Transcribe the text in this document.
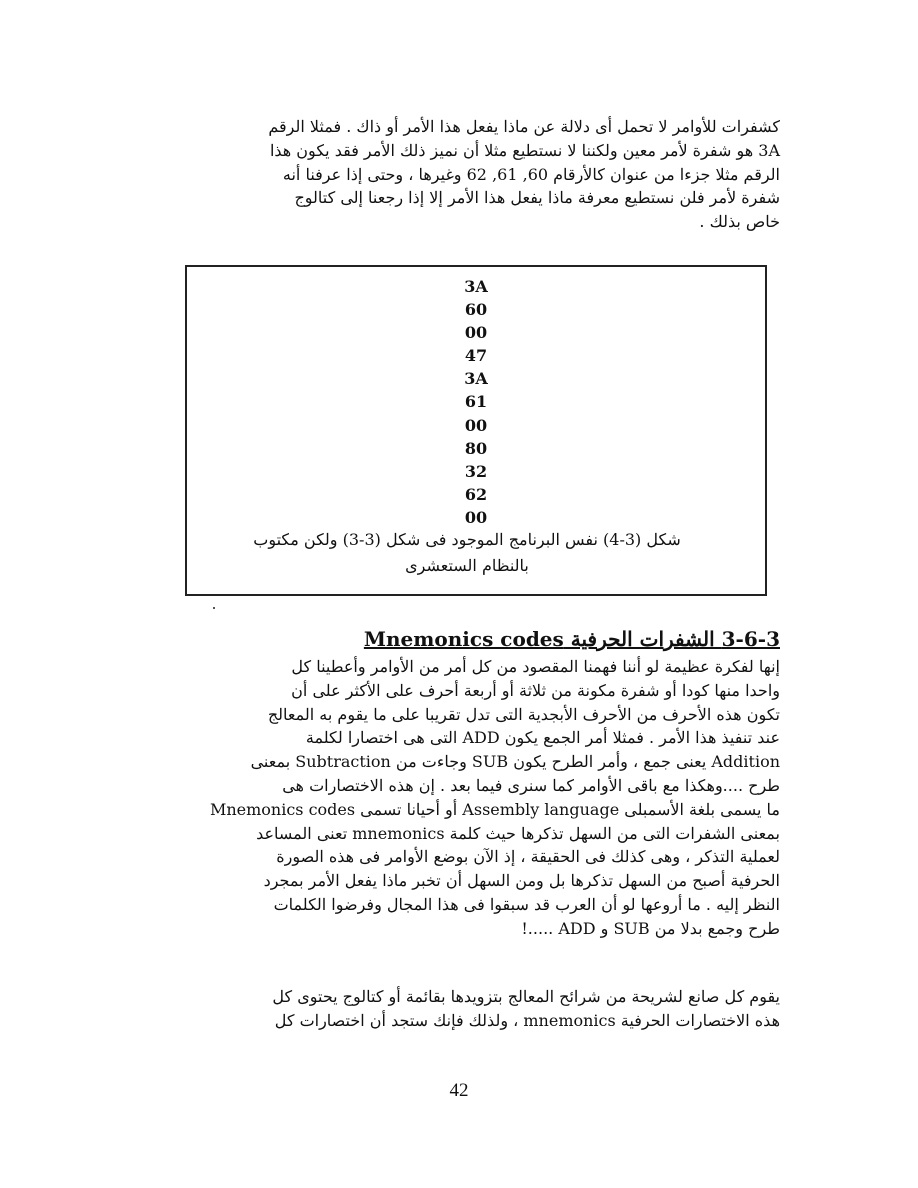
كشفرات للأوامر لا تحمل أى دلالة عن ماذا يفعل هذا الأمر أو ذاك . فمثلا الرقم
3A هو شفرة لأمر معين ولكننا لا نستطيع مثلا أن نميز ذلك الأمر فقد يكون هذا
الرقم مثلا جزءا من عنوان كالأرقام 60, 61, 62 وغيرها ، وحتى إذا عرفنا أنه
شفرة لأمر فلن نستطيع معرفة ماذا يفعل هذا الأمر إلا إذا رجعنا إلى كتالوج
خاص بذلك .
3A
60
00
47
3A
61
00
80
32
62
00
شكل (3-4) نفس البرنامج الموجود فى شكل (3-3) ولكن مكتوب
بالنظام الستعشرى
3-6-3 الشفرات الحرفية Mnemonics codes
إنها لفكرة عظيمة لو أننا فهمنا المقصود من كل أمر من الأوامر وأعطينا كل
واحدا منها كودا أو شفرة مكونة من ثلاثة أو أربعة أحرف على الأكثر على أن
تكون هذه الأحرف من الأحرف الأبجدية التى تدل تقريبا على ما يقوم به المعالج
عند تنفيذ هذا الأمر . فمثلا أمر الجمع يكون ADD التى هى اختصارا لكلمة
Addition يعنى جمع ، وأمر الطرح يكون SUB وجاءت من Subtraction بمعنى
طرح ....وهكذا مع باقى الأوامر كما سنرى فيما بعد . إن هذه الاختصارات هى
ما يسمى بلغة الأسمبلى Assembly language أو أحيانا تسمى Mnemonics codes
بمعنى الشفرات التى من السهل تذكرها حيث كلمة mnemonics تعنى المساعد
لعملية التذكر ، وهى كذلك فى الحقيقة ، إذ الآن بوضع الأوامر فى هذه الصورة
الحرفية أصبح من السهل تذكرها بل ومن السهل أن تخبر ماذا يفعل الأمر بمجرد
النظر إليه . ما أروعها لو أن العرب قد سبقوا فى هذا المجال وفرضوا الكلمات
طرح وجمع بدلا من SUB و ADD .....!
يقوم كل صانع لشريحة من شرائح المعالج بتزويدها بقائمة أو كتالوج يحتوى كل
هذه الاختصارات الحرفية mnemonics ، ولذلك فإنك ستجد أن اختصارات كل
42
